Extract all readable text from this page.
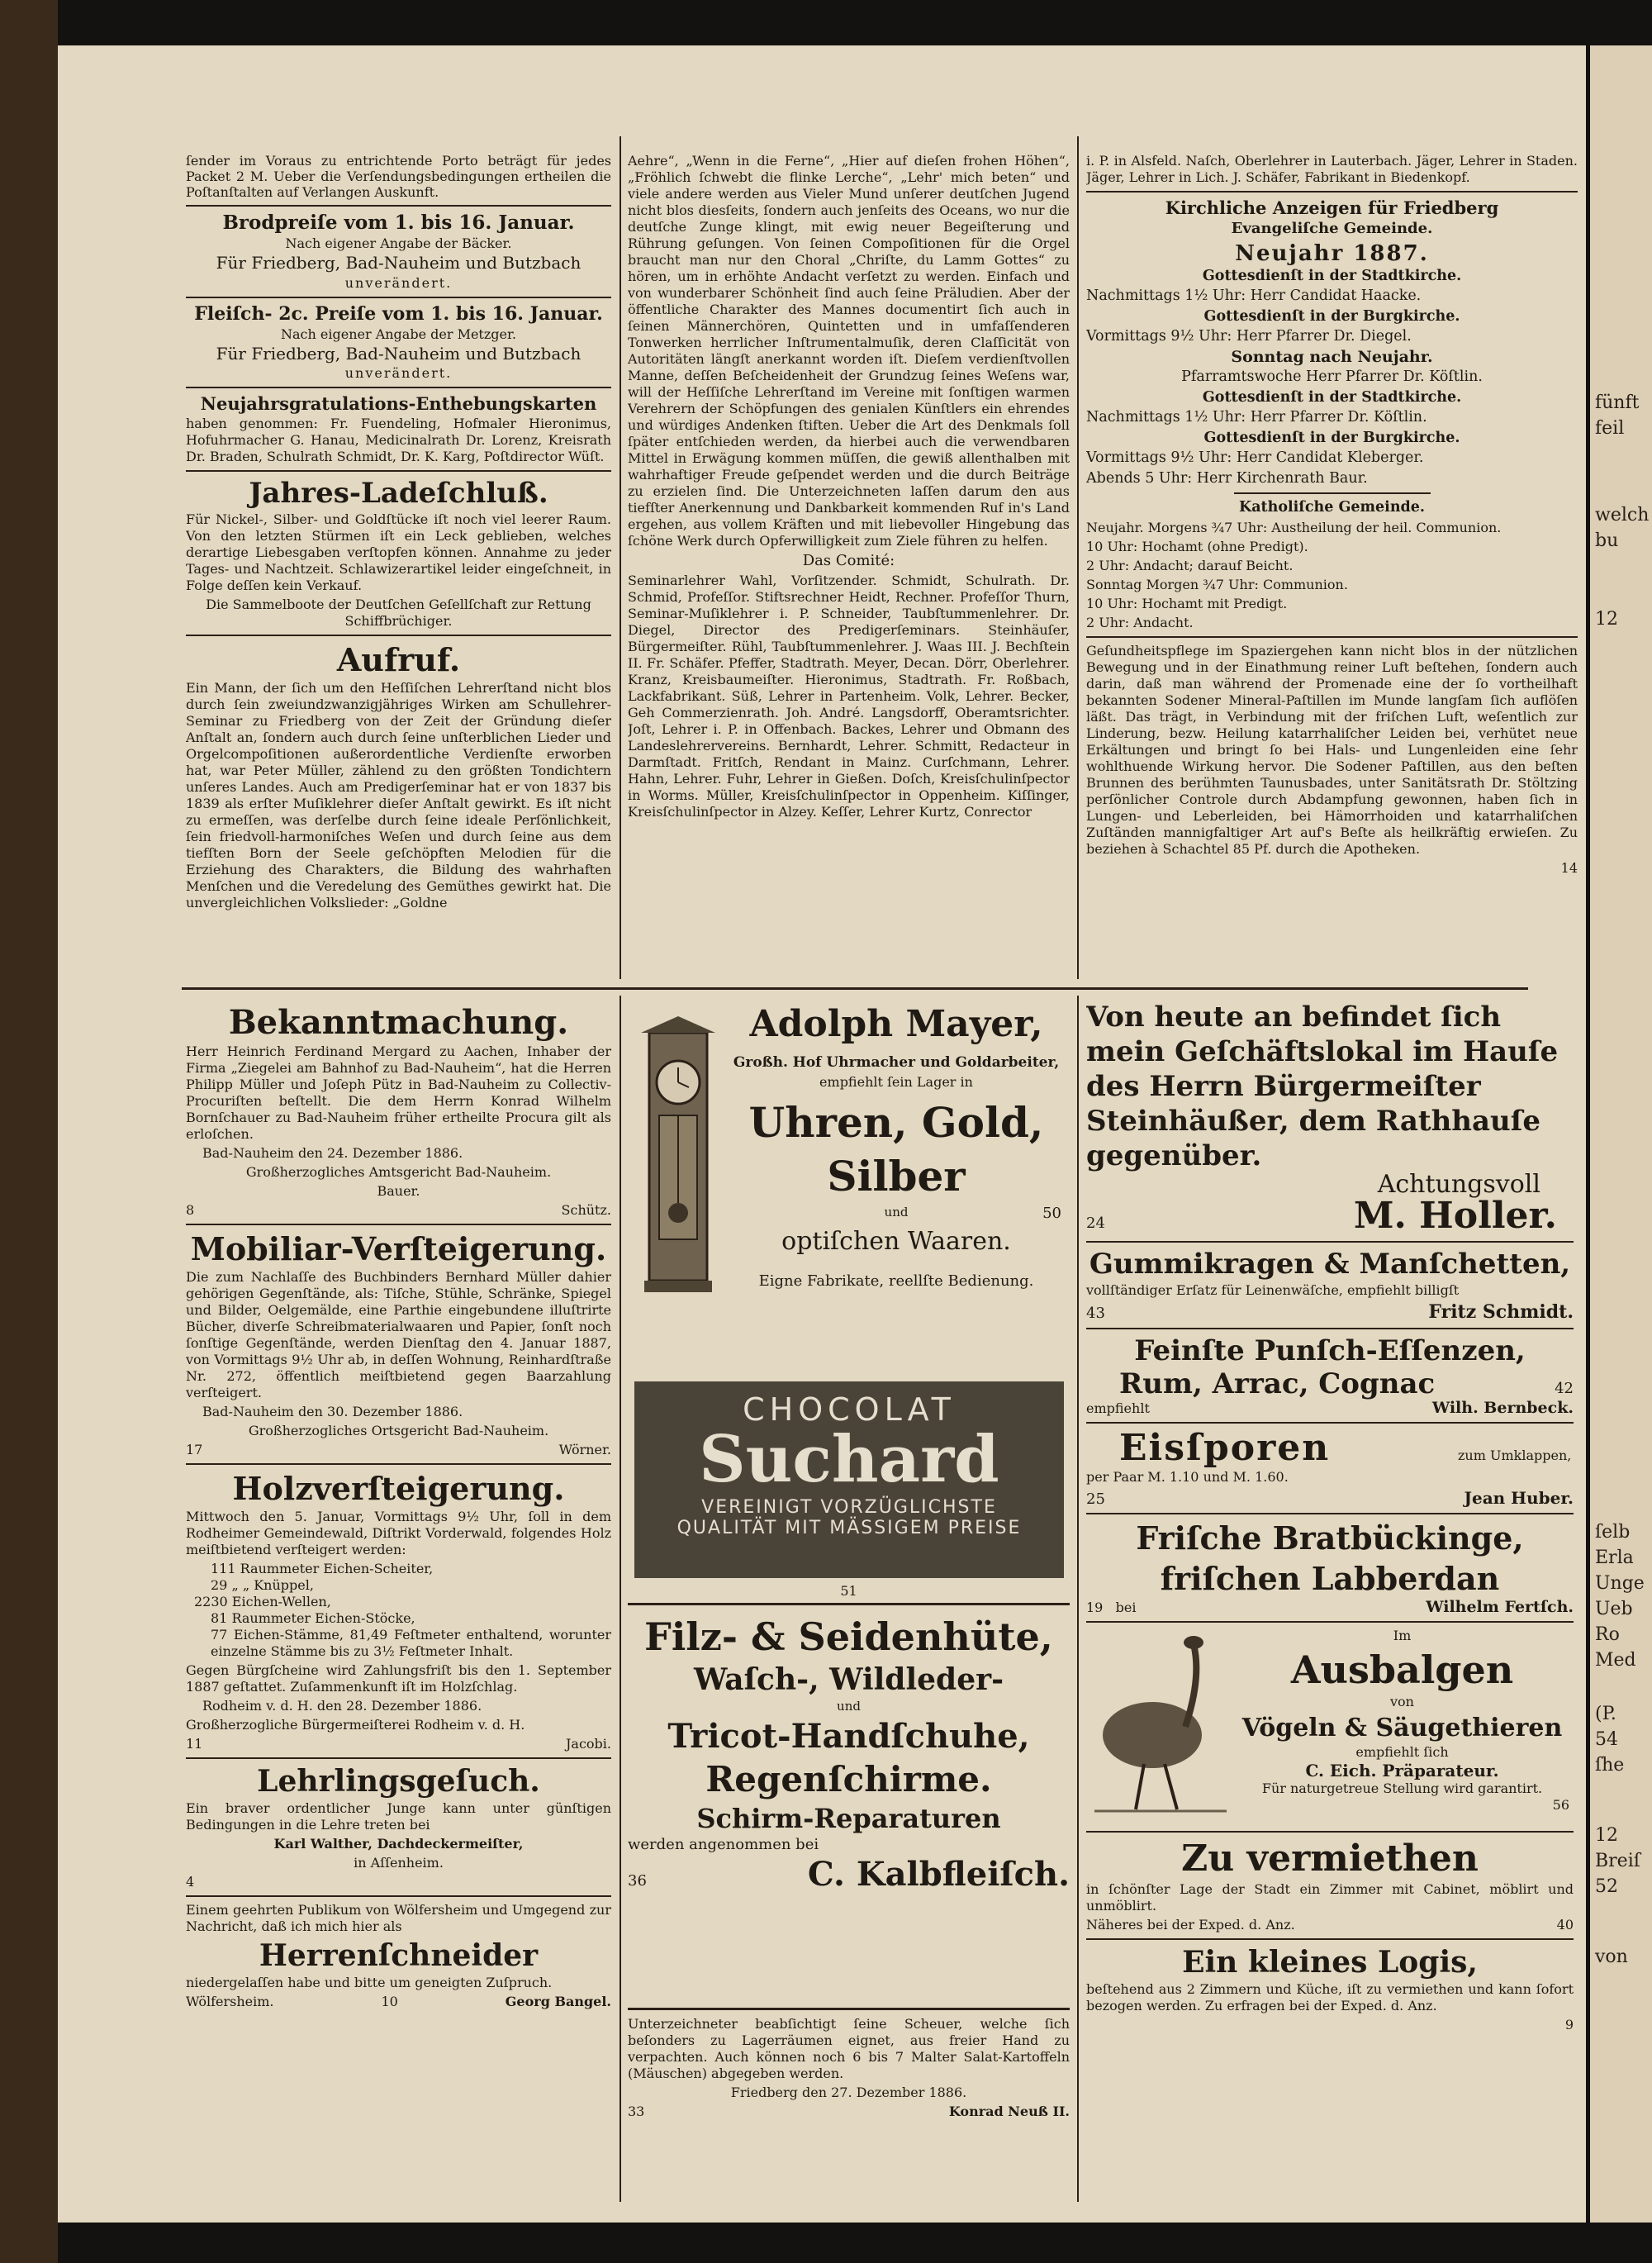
ſender im Voraus zu entrichtende Porto beträgt für jedes Packet 2 M. Ueber die Verſendungsbedingungen ertheilen die Poſtanſtalten auf Verlangen Auskunft.

Brodpreiſe vom 1. bis 16. Januar.

Nach eigener Angabe der Bäcker.

Für Friedberg, Bad-Nauheim und Butzbach

unverändert.

Fleiſch- 2c. Preiſe vom 1. bis 16. Januar.

Nach eigener Angabe der Metzger.

Für Friedberg, Bad-Nauheim und Butzbach

unverändert.

Neujahrsgratulations-Enthebungskarten

haben genommen: Fr. Fuendeling, Hofmaler Hieronimus, Hofuhrmacher G. Hanau, Medicinalrath Dr. Lorenz, Kreisrath Dr. Braden, Schulrath Schmidt, Dr. K. Karg, Poſtdirector Wüſt.

Jahres-Ladeſchluß.

Für Nickel-, Silber- und Goldſtücke iſt noch viel leerer Raum. Von den letzten Stürmen iſt ein Leck geblieben, welches derartige Liebesgaben verſtopfen können. Annahme zu jeder Tages- und Nachtzeit. Schlawizerartikel leider eingeſchneit, in Folge deſſen kein Verkauf.

Die Sammelboote der Deutſchen Geſellſchaft zur Rettung Schiffbrüchiger.

Aufruf.

Ein Mann, der ſich um den Heſſiſchen Lehrerſtand nicht blos durch ſein zweiundzwanzigjähriges Wirken am Schullehrer-Seminar zu Friedberg von der Zeit der Gründung dieſer Anſtalt an, ſondern auch durch ſeine unſterblichen Lieder und Orgelcompoſitionen außerordentliche Verdienſte erworben hat, war Peter Müller, zählend zu den größten Tondichtern unſeres Landes. Auch am Predigerſeminar hat er von 1837 bis 1839 als erſter Muſiklehrer dieſer Anſtalt gewirkt. Es iſt nicht zu ermeſſen, was derſelbe durch ſeine ideale Perſönlichkeit, ſein friedvoll-harmoniſches Weſen und durch ſeine aus dem tiefſten Born der Seele geſchöpften Melodien für die Erziehung des Charakters, die Bildung des wahrhaften Menſchen und die Veredelung des Gemüthes gewirkt hat. Die unvergleichlichen Volkslieder: „Goldne

Aehre“, „Wenn in die Ferne“, „Hier auf dieſen frohen Höhen“, „Fröhlich ſchwebt die flinke Lerche“, „Lehr' mich beten“ und viele andere werden aus Vieler Mund unſerer deutſchen Jugend nicht blos diesſeits, ſondern auch jenſeits des Oceans, wo nur die deutſche Zunge klingt, mit ewig neuer Begeiſterung und Rührung geſungen. Von ſeinen Compoſitionen für die Orgel braucht man nur den Choral „Chriſte, du Lamm Gottes“ zu hören, um in erhöhte Andacht verſetzt zu werden. Einfach und von wunderbarer Schönheit ſind auch ſeine Präludien. Aber der öffentliche Charakter des Mannes documentirt ſich auch in ſeinen Männerchören, Quintetten und in umfaſſenderen Tonwerken herrlicher Inſtrumentalmuſik, deren Claſſicität von Autoritäten längſt anerkannt worden iſt. Dieſem verdienſtvollen Manne, deſſen Beſcheidenheit der Grundzug ſeines Weſens war, will der Heſſiſche Lehrerſtand im Vereine mit ſonſtigen warmen Verehrern der Schöpfungen des genialen Künſtlers ein ehrendes und würdiges Andenken ſtiften. Ueber die Art des Denkmals ſoll ſpäter entſchieden werden, da hierbei auch die verwendbaren Mittel in Erwägung kommen müſſen, die gewiß allenthalben mit wahrhaftiger Freude geſpendet werden und die durch Beiträge zu erzielen ſind. Die Unterzeichneten laſſen darum den aus tiefſter Anerkennung und Dankbarkeit kommenden Ruf in's Land ergehen, aus vollem Kräften und mit liebevoller Hingebung das ſchöne Werk durch Opferwilligkeit zum Ziele führen zu helfen.

Das Comité:

Seminarlehrer Wahl, Vorſitzender. Schmidt, Schulrath. Dr. Schmid, Profeſſor. Stiftsrechner Heidt, Rechner. Profeſſor Thurn, Seminar-Muſiklehrer i. P. Schneider, Taubſtummenlehrer. Dr. Diegel, Director des Predigerſeminars. Steinhäuſer, Bürgermeiſter. Rühl, Taubſtummenlehrer. J. Waas III. J. Bechſtein II. Fr. Schäfer. Pfeffer, Stadtrath. Meyer, Decan. Dörr, Oberlehrer. Kranz, Kreisbaumeiſter. Hieronimus, Stadtrath. Fr. Roßbach, Lackfabrikant. Süß, Lehrer in Partenheim. Volk, Lehrer. Becker, Geh Commerzienrath. Joh. André. Langsdorff, Oberamtsrichter. Joſt, Lehrer i. P. in Offenbach. Backes, Lehrer und Obmann des Landeslehrervereins. Bernhardt, Lehrer. Schmitt, Redacteur in Darmſtadt. Fritſch, Rendant in Mainz. Curſchmann, Lehrer. Hahn, Lehrer. Fuhr, Lehrer in Gießen. Doſch, Kreisſchulinſpector in Worms. Müller, Kreisſchulinſpector in Oppenheim. Kiſſinger, Kreisſchulinſpector in Alzey. Keſſer, Lehrer Kurtz, Conrector

i. P. in Alsfeld. Naſch, Oberlehrer in Lauterbach. Jäger, Lehrer in Staden. Jäger, Lehrer in Lich. J. Schäfer, Fabrikant in Biedenkopf.

Kirchliche Anzeigen für Friedberg

Evangeliſche Gemeinde.

Neujahr 1887.

Gottesdienſt in der Stadtkirche.

Nachmittags 1½ Uhr: Herr Candidat Haacke.

Gottesdienſt in der Burgkirche.

Vormittags 9½ Uhr: Herr Pfarrer Dr. Diegel.

Sonntag nach Neujahr.

Pfarramtswoche Herr Pfarrer Dr. Köſtlin.

Gottesdienſt in der Stadtkirche.

Nachmittags 1½ Uhr: Herr Pfarrer Dr. Köſtlin.

Gottesdienſt in der Burgkirche.

Vormittags 9½ Uhr: Herr Candidat Kleberger.

Abends 5 Uhr: Herr Kirchenrath Baur.

Katholiſche Gemeinde.

Neujahr. Morgens ¾7 Uhr: Austheilung der heil. Communion.

10 Uhr: Hochamt (ohne Predigt).

2 Uhr: Andacht; darauf Beicht.

Sonntag Morgen ¾7 Uhr: Communion.

10 Uhr: Hochamt mit Predigt.

2 Uhr: Andacht.

Geſundheitspflege im Spaziergehen kann nicht blos in der nützlichen Bewegung und in der Einathmung reiner Luft beſtehen, ſondern auch darin, daß man während der Promenade eine der ſo vortheilhaft bekannten Sodener Mineral-Paſtillen im Munde langſam ſich auflöſen läßt. Das trägt, in Verbindung mit der friſchen Luft, weſentlich zur Linderung, bezw. Heilung katarrhaliſcher Leiden bei, verhütet neue Erkältungen und bringt ſo bei Hals- und Lungenleiden eine ſehr wohlthuende Wirkung hervor. Die Sodener Paſtillen, aus den beſten Brunnen des berühmten Taunusbades, unter Sanitätsrath Dr. Stöltzing perſönlicher Controle durch Abdampfung gewonnen, haben ſich in Lungen- und Leberleiden, bei Hämorrhoiden und katarrhaliſchen Zuſtänden mannigfaltiger Art auf's Beſte als heilkräftig erwieſen. Zu beziehen à Schachtel 85 Pf. durch die Apotheken.

14

Bekanntmachung.

Herr Heinrich Ferdinand Mergard zu Aachen, Inhaber der Firma „Ziegelei am Bahnhof zu Bad-Nauheim“, hat die Herren Philipp Müller und Joſeph Pütz in Bad-Nauheim zu Collectiv-Procuriſten beſtellt. Die dem Herrn Konrad Wilhelm Bornſchauer zu Bad-Nauheim früher ertheilte Procura gilt als erloſchen.

Bad-Nauheim den 24. Dezember 1886.

Großherzogliches Amtsgericht Bad-Nauheim.

Bauer.

8	Schütz.
Mobiliar-Verſteigerung.

Die zum Nachlaſſe des Buchbinders Bernhard Müller dahier gehörigen Gegenſtände, als: Tiſche, Stühle, Schränke, Spiegel und Bilder, Oelgemälde, eine Parthie eingebundene illuſtrirte Bücher, diverſe Schreibmaterialwaaren und Papier, ſonſt noch ſonſtige Gegenſtände, werden Dienſtag den 4. Januar 1887, von Vormittags 9½ Uhr ab, in deſſen Wohnung, Reinhardſtraße Nr. 272, öffentlich meiſtbietend gegen Baarzahlung verſteigert.

Bad-Nauheim den 30. Dezember 1886.

Großherzogliches Ortsgericht Bad-Nauheim.

17	Wörner.
Holzverſteigerung.

Mittwoch den 5. Januar, Vormittags 9½ Uhr, ſoll in dem Rodheimer Gemeindewald, Diſtrikt Vorderwald, folgendes Holz meiſtbietend verſteigert werden:

111 Raummeter Eichen-Scheiter,

29 „ „ Knüppel,

2230 Eichen-Wellen,

81 Raummeter Eichen-Stöcke,

77 Eichen-Stämme, 81,49 Feſtmeter enthaltend, worunter einzelne Stämme bis zu 3½ Feſtmeter Inhalt.

Gegen Bürgſcheine wird Zahlungsfriſt bis den 1. September 1887 geſtattet. Zuſammenkunft iſt im Holzſchlag.

Rodheim v. d. H. den 28. Dezember 1886.

Großherzogliche Bürgermeiſterei Rodheim v. d. H.

11	Jacobi.
Lehrlingsgeſuch.

Ein braver ordentlicher Junge kann unter günſtigen Bedingungen in die Lehre treten bei

Karl Walther, Dachdeckermeiſter,

in Aſſenheim.

4

Einem geehrten Publikum von Wölfersheim und Umgegend zur Nachricht, daß ich mich hier als

Herrenſchneider

niedergelaſſen habe und bitte um geneigten Zuſpruch.

Wölfersheim.	10	Georg Bangel.
Adolph Mayer,
Großh. Hof Uhrmacher und Goldarbeiter,
empfiehlt ſein Lager in
Uhren, Gold,
Silber
und	50
optiſchen Waaren.
Eigne Fabrikate, reellſte Bedienung.
CHOCOLAT
Suchard
VEREINIGT VORZÜGLICHSTE
QUALITÄT MIT MÄSSIGEM PREISE
51
Filz- & Seidenhüte,
Waſch-, Wildleder-
und
Tricot-Handſchuhe,
Regenſchirme.
Schirm-Reparaturen

werden angenommen bei

36	C. Kalbfleiſch.

Unterzeichneter beabſichtigt ſeine Scheuer, welche ſich beſonders zu Lagerräumen eignet, aus freier Hand zu verpachten. Auch können noch 6 bis 7 Malter Salat-Kartoffeln (Mäuschen) abgegeben werden.

Friedberg den 27. Dezember 1886.

33	Konrad Neuß II.

Von heute an befindet ſich mein Geſchäftslokal im Hauſe des Herrn Bürgermeiſter Steinhäußer, dem Rathhauſe gegenüber.

Achtungsvoll

24	M. Holler.
Gummikragen & Manſchetten,

vollſtändiger Erſatz für Leinenwäſche, empfiehlt billigſt

43	Fritz Schmidt.
Feinſte Punſch-Eſſenzen,
Rum, Arrac, Cognac	42
empfiehlt	Wilh. Bernbeck.
Eisſporen	zum Umklappen,

per Paar M. 1.10 und M. 1.60.

25	Jean Huber.
Friſche Bratbückinge,
friſchen Labberdan
19 bei	Wilhelm Fertſch.
Im
Ausbalgen
von
Vögeln & Säugethieren
empfiehlt ſich
C. Eich. Präparateur.
Für naturgetreue Stellung wird garantirt.
56
Zu vermiethen

in ſchönſter Lage der Stadt ein Zimmer mit Cabinet, möblirt und unmöblirt.

Näheres bei der Exped. d. Anz.	40
Ein kleines Logis,

beſtehend aus 2 Zimmern und Küche, iſt zu vermiethen und kann ſofort bezogen werden. Zu erfragen bei der Exped. d. Anz.

9

fünft
feil
welch
bu
12
ſelb
Erla
Unge
Ueb
Ro
Med
(P.
54
ſhe
12
Breiſ
52
von
